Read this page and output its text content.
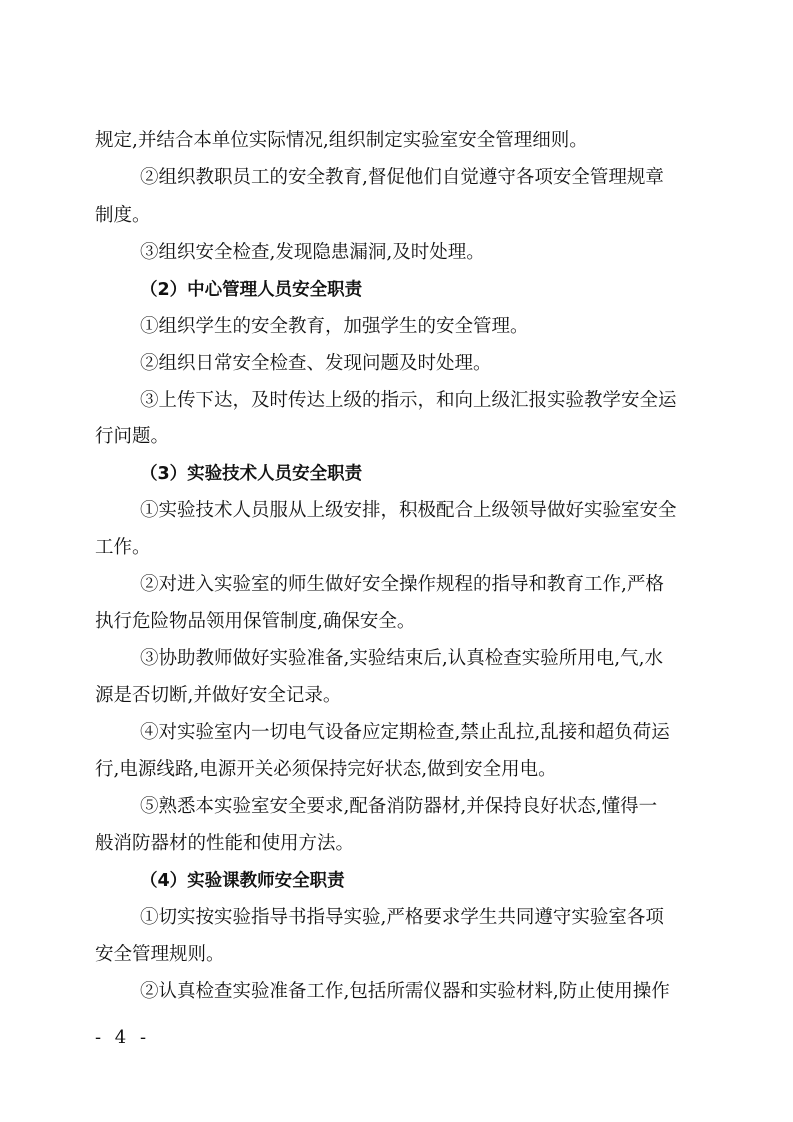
规定,并结合本单位实际情况,组织制定实验室安全管理细则。
②组织教职员工的安全教育,督促他们自觉遵守各项安全管理规章
制度。
③组织安全检查,发现隐患漏洞,及时处理。
（2）中心管理人员安全职责
①组织学生的安全教育，加强学生的安全管理。
②组织日常安全检查、发现问题及时处理。
③上传下达，及时传达上级的指示，和向上级汇报实验教学安全运
行问题。
（3）实验技术人员安全职责
①实验技术人员服从上级安排，积极配合上级领导做好实验室安全
工作。
②对进入实验室的师生做好安全操作规程的指导和教育工作,严格
执行危险物品领用保管制度,确保安全。
③协助教师做好实验准备,实验结束后,认真检查实验所用电,气,水
源是否切断,并做好安全记录。
④对实验室内一切电气设备应定期检查,禁止乱拉,乱接和超负荷运
行,电源线路,电源开关必须保持完好状态,做到安全用电。
⑤熟悉本实验室安全要求,配备消防器材,并保持良好状态,懂得一
般消防器材的性能和使用方法。
（4）实验课教师安全职责
①切实按实验指导书指导实验,严格要求学生共同遵守实验室各项
安全管理规则。
②认真检查实验准备工作,包括所需仪器和实验材料,防止使用操作
- 4 -
